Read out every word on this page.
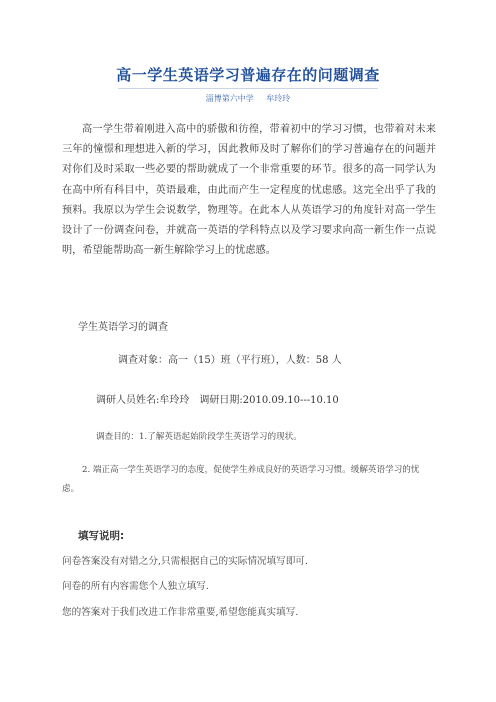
高一学生英语学习普遍存在的问题调查
淄博第六中学 牟玲玲
高一学生带着刚进入高中的骄傲和彷徨，带着初中的学习习惯，也带着对未来三年的憧憬和理想进入新的学习，因此教师及时了解你们的学习普遍存在的问题并对你们及时采取一些必要的帮助就成了一个非常重要的环节。很多的高一同学认为在高中所有科目中，英语最难，由此而产生一定程度的忧虑感。这完全出乎了我的预料。我原以为学生会说数学，物理等。在此本人从英语学习的角度针对高一学生设计了一份调查问卷，并就高一英语的学科特点以及学习要求向高一新生作一点说明，希望能帮助高一新生解除学习上的忧虑感。
学生英语学习的调查
调查对象：高一（15）班（平行班），人数：58 人
调研人员姓名:牟玲玲　调研日期:2010.09.10---10.10
调查目的：1.了解英语起始阶段学生英语学习的现状。
2. 端正高一学生英语学习的态度，促使学生养成良好的英语学习习惯。缓解英语学习的忧虑。
填写说明:
问卷答案没有对错之分,只需根据自己的实际情况填写即可.
问卷的所有内容需您个人独立填写.
您的答案对于我们改进工作非常重要,希望您能真实填写.
